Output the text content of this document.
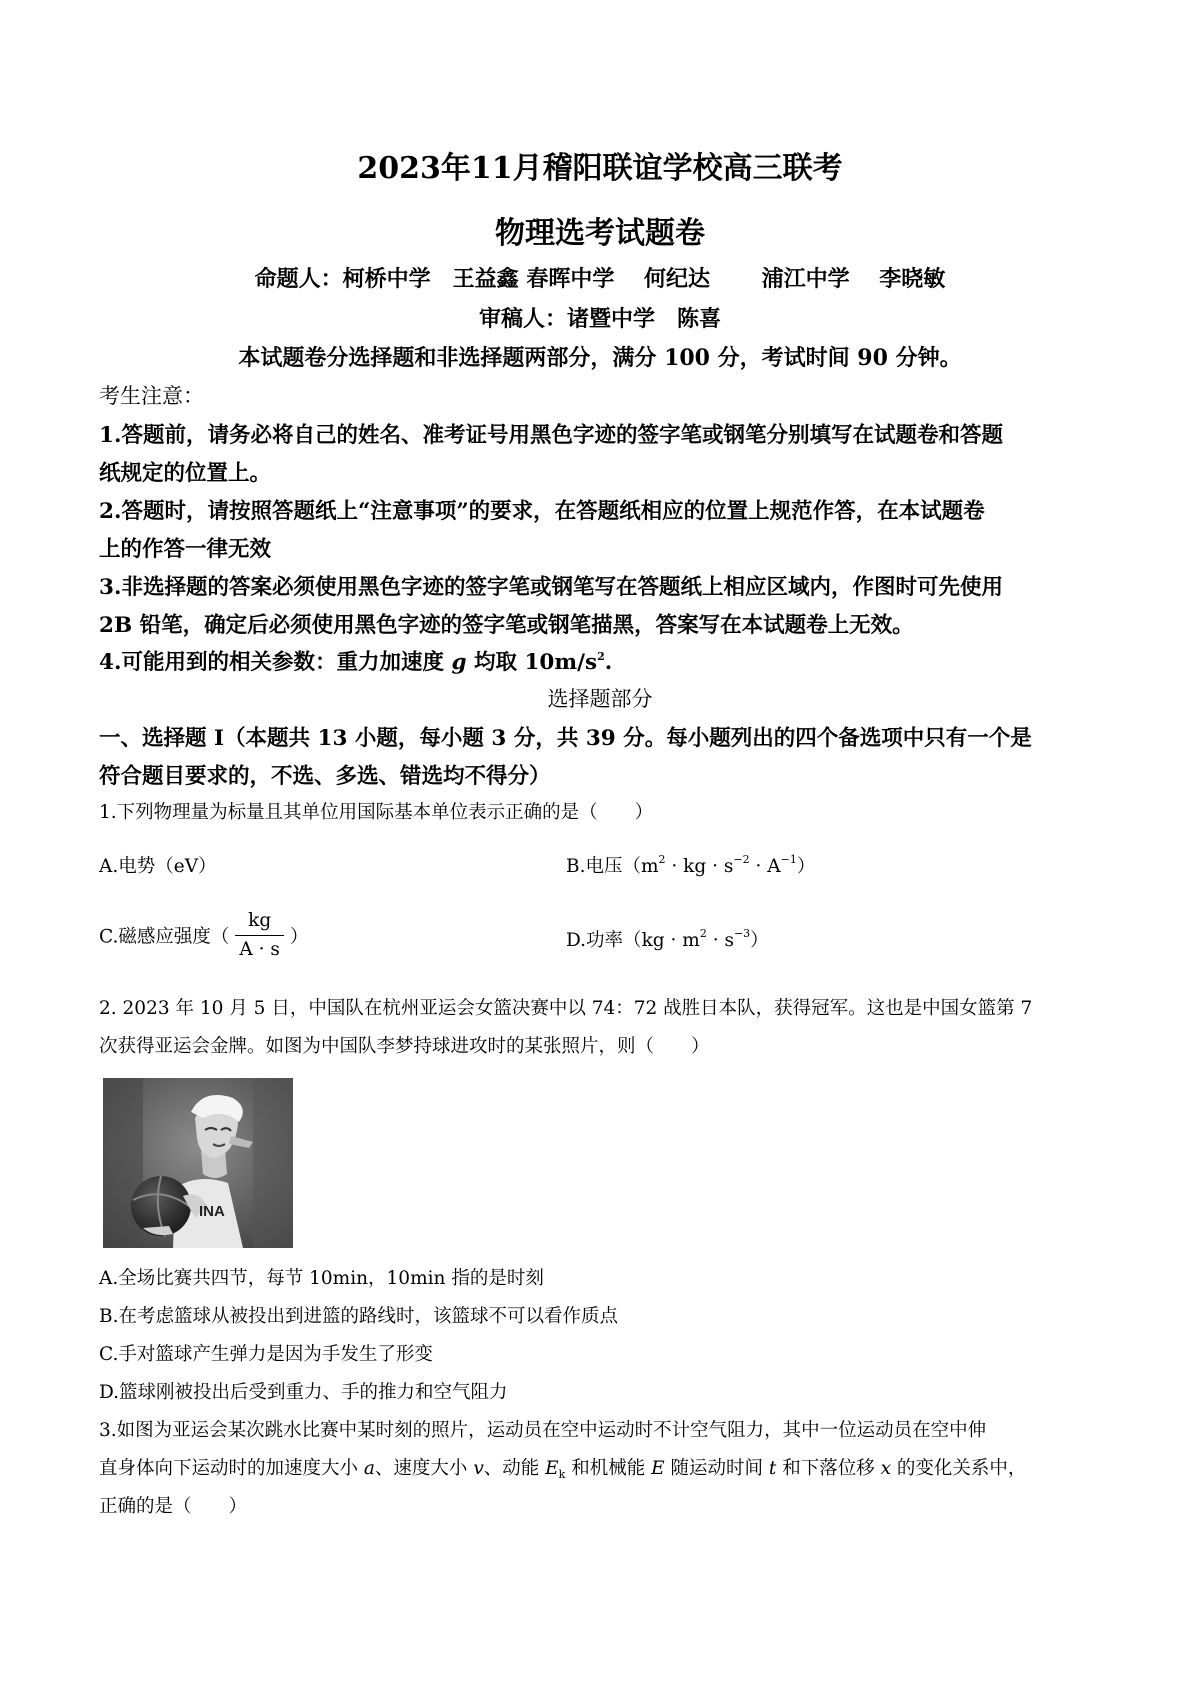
2023年11月稽阳联谊学校高三联考
物理选考试题卷
命题人：柯桥中学　王益鑫 春晖中学　 何纪达　　 浦江中学　 李晓敏
审稿人：诸暨中学　陈喜
本试题卷分选择题和非选择题两部分，满分 100 分，考试时间 90 分钟。
考生注意：
1.答题前，请务必将自己的姓名、准考证号用黑色字迹的签字笔或钢笔分别填写在试题卷和答题
纸规定的位置上。
2.答题时，请按照答题纸上“注意事项”的要求，在答题纸相应的位置上规范作答，在本试题卷
上的作答一律无效
3.非选择题的答案必须使用黑色字迹的签字笔或钢笔写在答题纸上相应区域内，作图时可先使用
2B 铅笔，确定后必须使用黑色字迹的签字笔或钢笔描黑，答案写在本试题卷上无效。
4.可能用到的相关参数：重力加速度 g 均取 $10m/s^2$.
选择题部分
一、选择题 I（本题共 13 小题，每小题 3 分，共 39 分。每小题列出的四个备选项中只有一个是
符合题目要求的，不选、多选、错选均不得分）
1.下列物理量为标量且其单位用国际基本单位表示正确的是（　　）
A.电势（eV）	B.电压（$m^2$ · kg · $s^{-2} \cdot A^{-1}$）
C.磁感应强度（ $\frac{kg}{A \cdot s}$ ）	D.功率$(kg \cdot m^2 \cdot s^{-3})$
2. 2023 年 10 月 5 日，中国队在杭州亚运会女篮决赛中以 74：72 战胜日本队，获得冠军。这也是中国女篮第 7
次获得亚运会金牌。如图为中国队李梦持球进攻时的某张照片，则（　　）
INA
A.全场比赛共四节，每节 10min，10min 指的是时刻
B.在考虑篮球从被投出到进篮的路线时，该篮球不可以看作质点
C.手对篮球产生弹力是因为手发生了形变
D.篮球刚被投出后受到重力、手的推力和空气阻力
3.如图为亚运会某次跳水比赛中某时刻的照片，运动员在空中运动时不计空气阻力，其中一位运动员在空中伸
直身体向下运动时的加速度大小 a、速度大小 v、动能 $E_k$ 和机械能 E 随运动时间 t 和下落位移 x 的变化关系中，
正确的是（　　）
